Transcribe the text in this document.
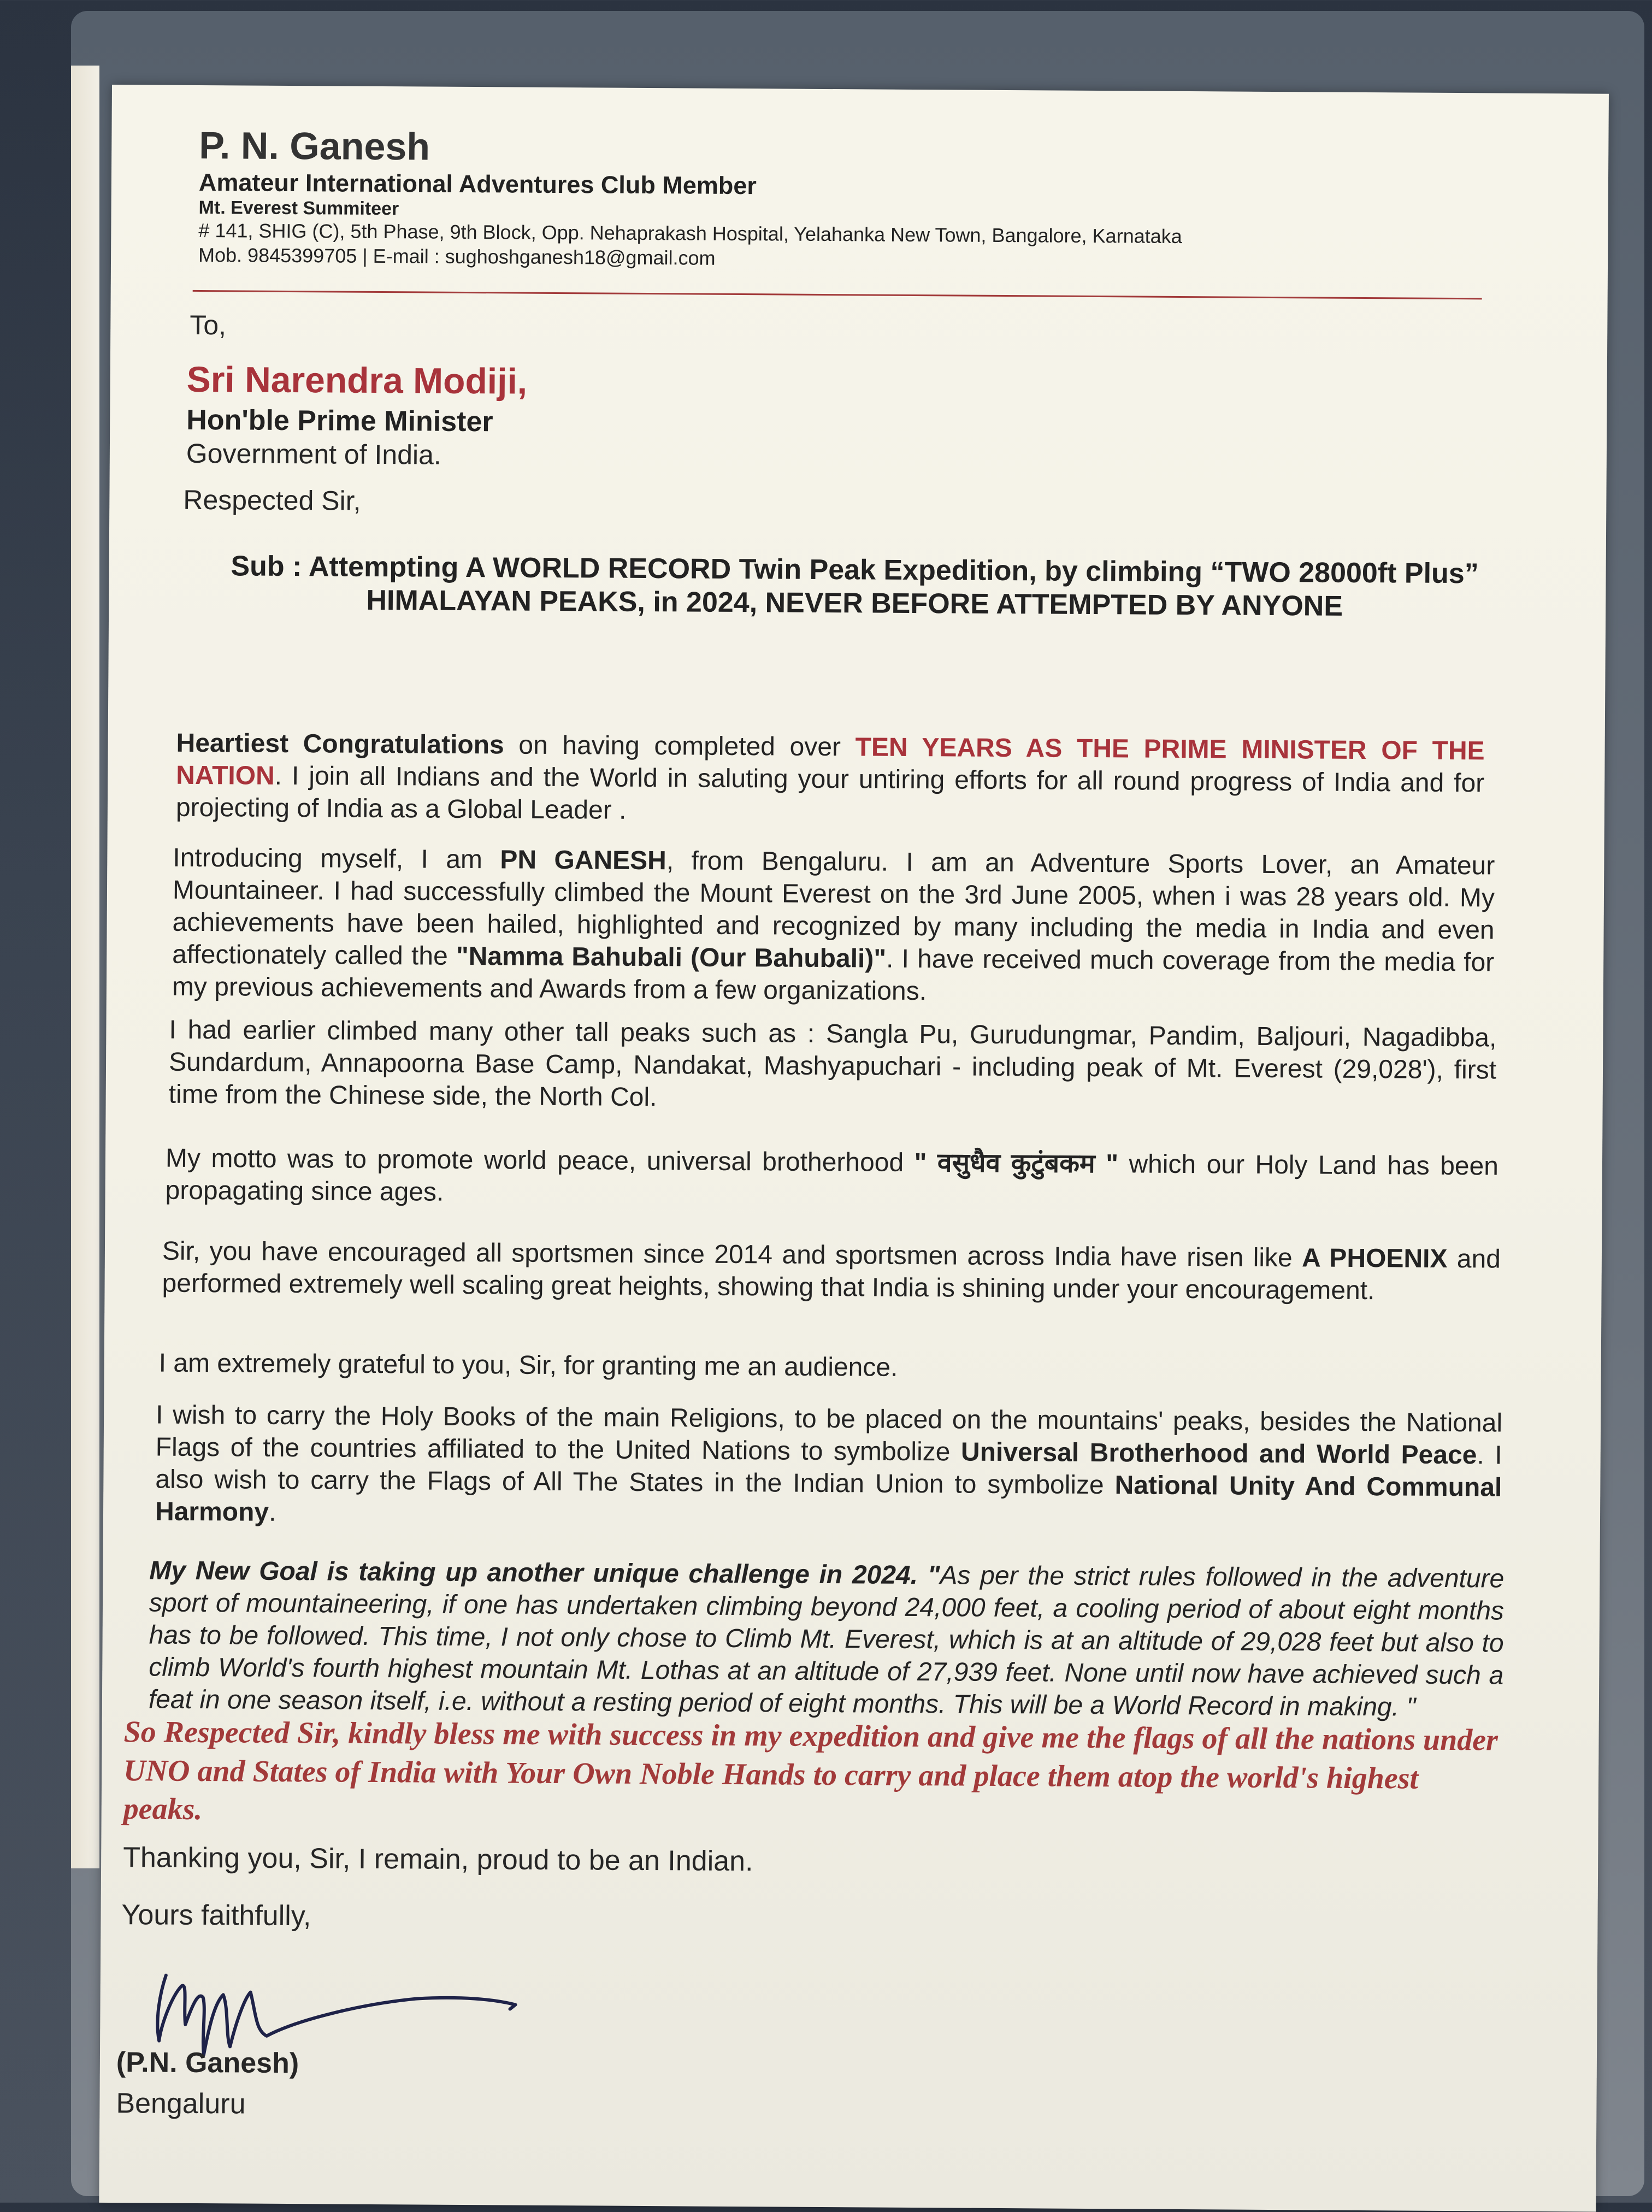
P. N. Ganesh

Amateur International Adventures Club Member

Mt. Everest Summiteer

# 141, SHIG (C), 5th Phase, 9th Block, Opp. Nehaprakash Hospital, Yelahanka New Town, Bangalore, Karnataka

Mob. 9845399705 | E-mail : sughoshganesh18@gmail.com

To,

Sri Narendra Modiji,

Hon'ble Prime Minister

Government of India.

Respected Sir,

Sub : Attempting A WORLD RECORD Twin Peak Expedition, by climbing “TWO 28000ft Plus” HIMALAYAN PEAKS, in 2024, NEVER BEFORE ATTEMPTED BY ANYONE

Heartiest Congratulations on having completed over TEN YEARS AS THE PRIME MINISTER OF THE NATION. I join all Indians and the World in saluting your untiring efforts for all round progress of India and for projecting of India as a Global Leader .

Introducing myself, I am PN GANESH, from Bengaluru. I am an Adventure Sports Lover, an Amateur Mountaineer. I had successfully climbed the Mount Everest on the 3rd June 2005, when i was 28 years old. My achievements have been hailed, highlighted and recognized by many including the media in India and even affectionately called the "Namma Bahubali (Our Bahubali)". I have received much coverage from the media for my previous achievements and Awards from a few organizations.

I had earlier climbed many other tall peaks such as : Sangla Pu, Gurudungmar, Pandim, Baljouri, Nagadibba, Sundardum, Annapoorna Base Camp, Nandakat, Mashyapuchari - including peak of Mt. Everest (29,028'), first time from the Chinese side, the North Col.

My motto was to promote world peace, universal brotherhood " वसुधैव कुटुंबकम " which our Holy Land has been propagating since ages.

Sir, you have encouraged all sportsmen since 2014 and sportsmen across India have risen like A PHOENIX and performed extremely well scaling great heights, showing that India is shining under your encouragement.

I am extremely grateful to you, Sir, for granting me an audience.

I wish to carry the Holy Books of the main Religions, to be placed on the mountains' peaks, besides the National Flags of the countries affiliated to the United Nations to symbolize Universal Brotherhood and World Peace. I also wish to carry the Flags of All The States in the Indian Union to symbolize National Unity And Communal Harmony.

My New Goal is taking up another unique challenge in 2024. "As per the strict rules followed in the adventure sport of mountaineering, if one has undertaken climbing beyond 24,000 feet, a cooling period of about eight months has to be followed. This time, I not only chose to Climb Mt. Everest, which is at an altitude of 29,028 feet but also to climb World's fourth highest mountain Mt. Lothas at an altitude of 27,939 feet. None until now have achieved such a feat in one season itself, i.e. without a resting period of eight months. This will be a World Record in making. "

So Respected Sir, kindly bless me with success in my expedition and give me the flags of all the nations under UNO and States of India with Your Own Noble Hands to carry and place them atop the world's highest peaks.

Thanking you, Sir, I remain, proud to be an Indian.

Yours faithfully,

(P.N. Ganesh)

Bengaluru
